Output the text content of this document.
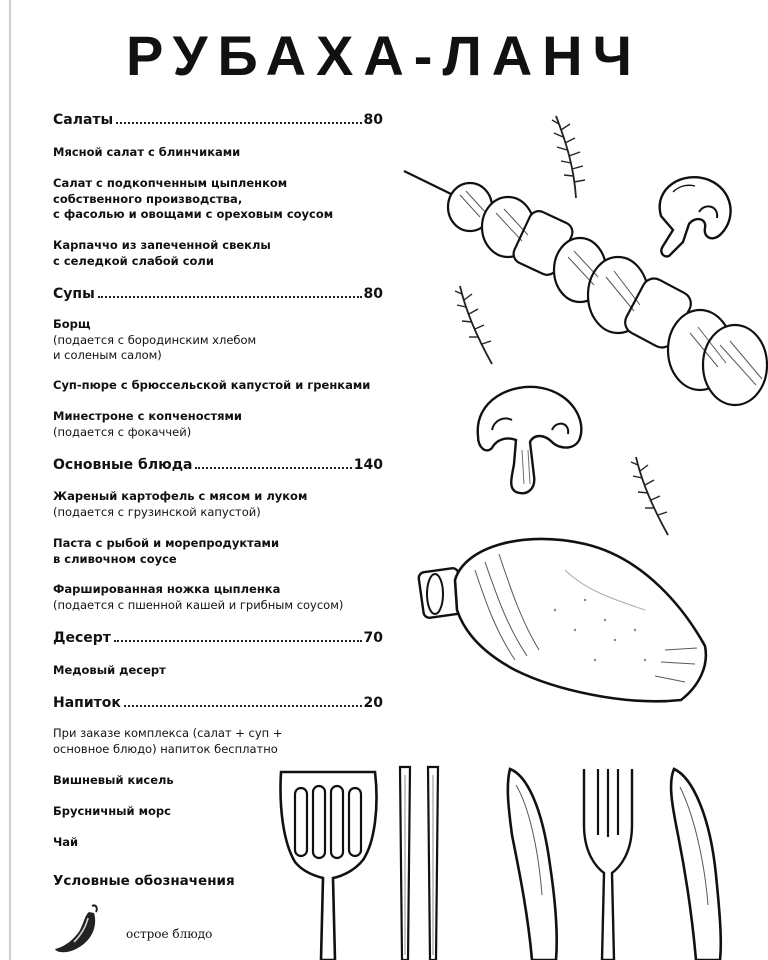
РУБАХА-ЛАНЧ
Салаты	80
Мясной салат с блинчиками
Салат с подкопченным цыпленком
собственного производства,
с фасолью и овощами с ореховым соусом
Карпаччо из запеченной свеклы
с селедкой слабой соли
Супы	80
Борщ
(подается с бородинским хлебом
и соленым салом)
Суп-пюре с брюссельской капустой и гренками
Минестроне с копченостями
(подается с фокаччей)
Основные блюда	140
Жареный картофель с мясом и луком
(подается с грузинской капустой)
Паста с рыбой и морепродуктами
в сливочном соусе
Фаршированная ножка цыпленка
(подается с пшенной кашей и грибным соусом)
Десерт	70
Медовый десерт
Напиток	20
При заказе комплекса (салат + суп +
основное блюдо) напиток бесплатно
Вишневый кисель
Брусничный морс
Чай
Условные обозначения
острое блюдо
